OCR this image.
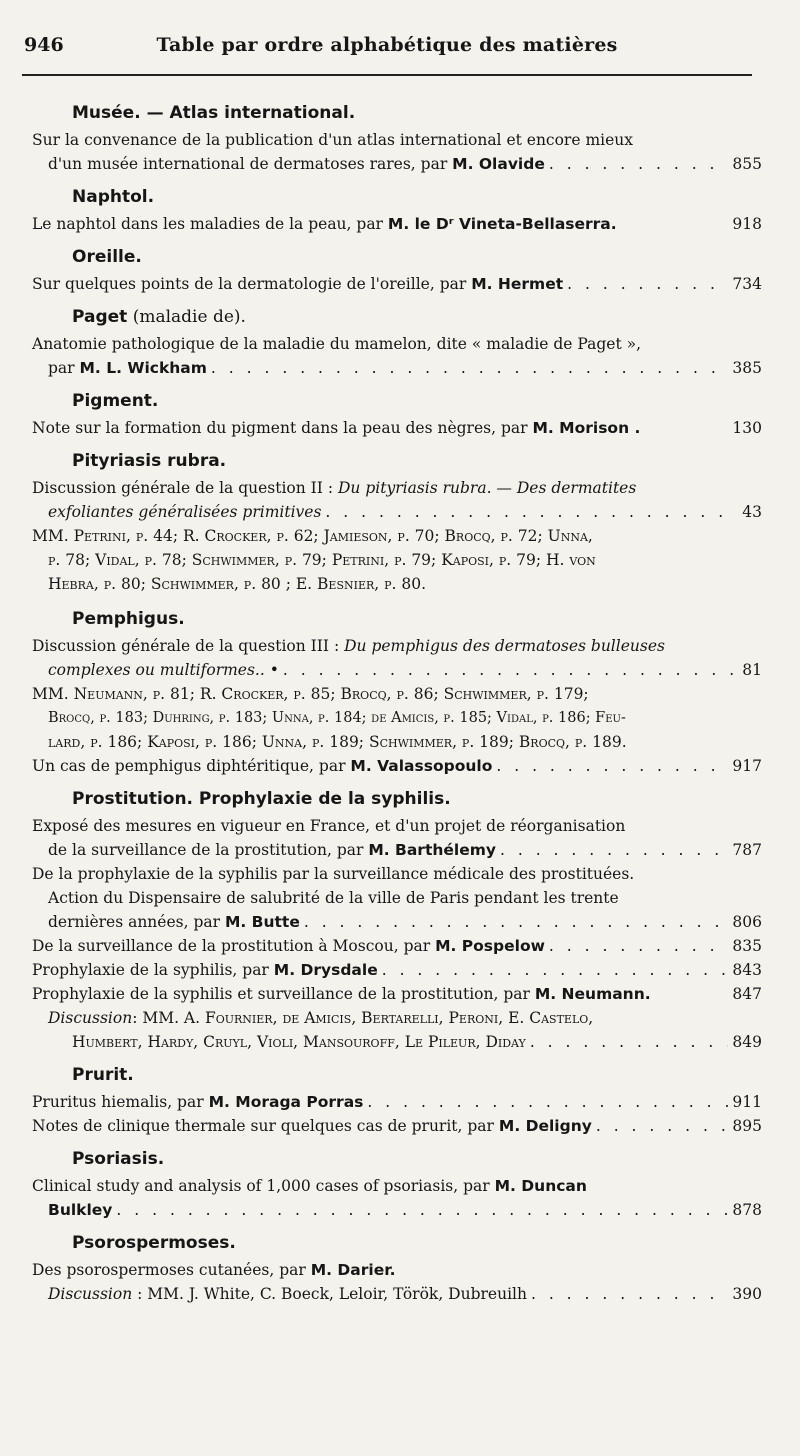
946	Table par ordre alphabétique des matières
Musée. — Atlas international.
Sur la convenance de la publication d'un atlas international et encore mieux
d'un musée international de dermatoses rares, par M. Olavide . . .	855
Naphtol.
Le naphtol dans les maladies de la peau, par M. le Dʳ Vineta-Bellaserra.	918
Oreille.
Sur quelques points de la dermatologie de l'oreille, par M. Hermet . . .	734
Paget (maladie de).
Anatomie pathologique de la maladie du mamelon, dite « maladie de Paget »,
par M. L. Wickham . . .	385
Pigment.
Note sur la formation du pigment dans la peau des nègres, par M. Morison .	130
Pityriasis rubra.
Discussion générale de la question II : Du pityriasis rubra. — Des dermatites
exfoliantes généralisées primitives . . .	43
MM. Petrini, p. 44; R. Crocker, p. 62; Jamieson, p. 70; Brocq, p. 72; Unna,
p. 78; Vidal, p. 78; Schwimmer, p. 79; Petrini, p. 79; Kaposi, p. 79; H. von
Hebra, p. 80; Schwimmer, p. 80 ; E. Besnier, p. 80.
Pemphigus.
Discussion générale de la question III : Du pemphigus des dermatoses bulleuses
complexes ou multiformes.. • . . .	81
MM. Neumann, p. 81; R. Crocker, p. 85; Brocq, p. 86; Schwimmer, p. 179;
Brocq, p. 183; Duhring, p. 183; Unna, p. 184; de Amicis, p. 185; Vidal, p. 186; Feu-
lard, p. 186; Kaposi, p. 186; Unna, p. 189; Schwimmer, p. 189; Brocq, p. 189.
Un cas de pemphigus diphtéritique, par M. Valassopoulo . . .	917
Prostitution. Prophylaxie de la syphilis.
Exposé des mesures en vigueur en France, et d'un projet de réorganisation
de la surveillance de la prostitution, par M. Barthélemy . . .	787
De la prophylaxie de la syphilis par la surveillance médicale des prostituées.
Action du Dispensaire de salubrité de la ville de Paris pendant les trente
dernières années, par M. Butte . . .	806
De la surveillance de la prostitution à Moscou, par M. Pospelow . . .	835
Prophylaxie de la syphilis, par M. Drysdale . . .	843
Prophylaxie de la syphilis et surveillance de la prostitution, par M. Neumann.	847
Discussion: MM. A. Fournier, de Amicis, Bertarelli, Peroni, E. Castelo,
Humbert, Hardy, Cruyl, Violi, Mansouroff, Le Pileur, Diday . . .	849
Prurit.
Pruritus hiemalis, par M. Moraga Porras . . .	911
Notes de clinique thermale sur quelques cas de prurit, par M. Deligny . . .	895
Psoriasis.
Clinical study and analysis of 1,000 cases of psoriasis, par M. Duncan
Bulkley . . .	878
Psorospermoses.
Des psorospermoses cutanées, par M. Darier.
Discussion : MM. J. White, C. Boeck, Leloir, Török, Dubreuilh . . .	390
